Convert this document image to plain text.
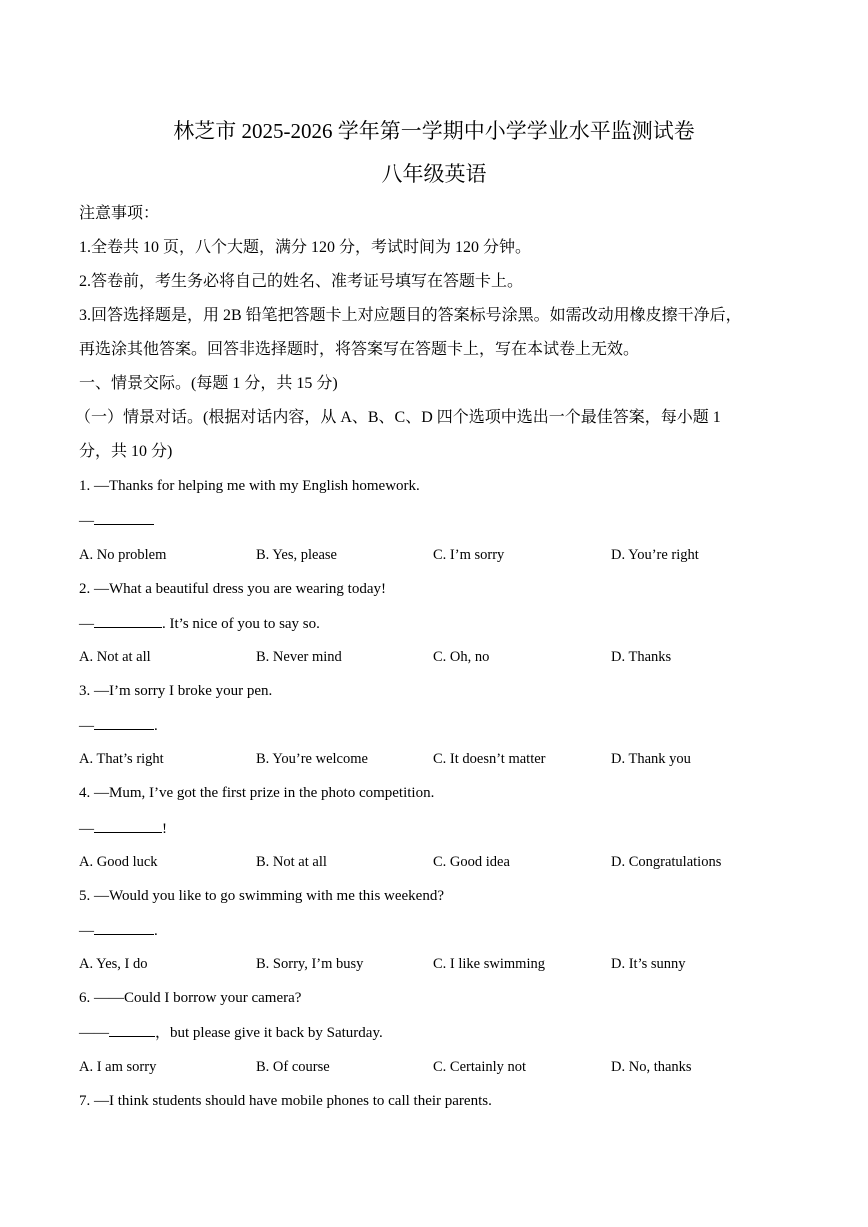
林芝市 2025-2026 学年第一学期中小学学业水平监测试卷
八年级英语
注意事项：
1.全卷共 10 页，八个大题，满分 120 分，考试时间为 120 分钟。
2.答卷前，考生务必将自己的姓名、准考证号填写在答题卡上。
3.回答选择题是，用 2B 铅笔把答题卡上对应题目的答案标号涂黑。如需改动用橡皮擦干净后，
再选涂其他答案。回答非选择题时，将答案写在答题卡上，写在本试卷上无效。
一、情景交际。(每题 1 分，共 15 分)
（一）情景对话。(根据对话内容，从 A、B、C、D 四个选项中选出一个最佳答案，每小题 1
分，共 10 分)
1. —Thanks for helping me with my English homework.
—
A. No problem	B. Yes, please	C. I’m sorry	D. You’re right
2. —What a beautiful dress you are wearing today!
—	. It’s nice of you to say so.
A. Not at all	B. Never mind	C. Oh, no	D. Thanks
3. —I’m sorry I broke your pen.
—	.
A. That’s right	B. You’re welcome	C. It doesn’t matter	D. Thank you
4. —Mum, I’ve got the first prize in the photo competition.
—	!
A. Good luck	B. Not at all	C. Good idea	D. Congratulations
5. —Would you like to go swimming with me this weekend?
—	.
A. Yes, I do	B. Sorry, I’m busy	C. I like swimming	D. It’s sunny
6. ——Could I borrow your camera?
——	，but please give it back by Saturday.
A. I am sorry	B. Of course	C. Certainly not	D. No, thanks
7. —I think students should have mobile phones to call their parents.
